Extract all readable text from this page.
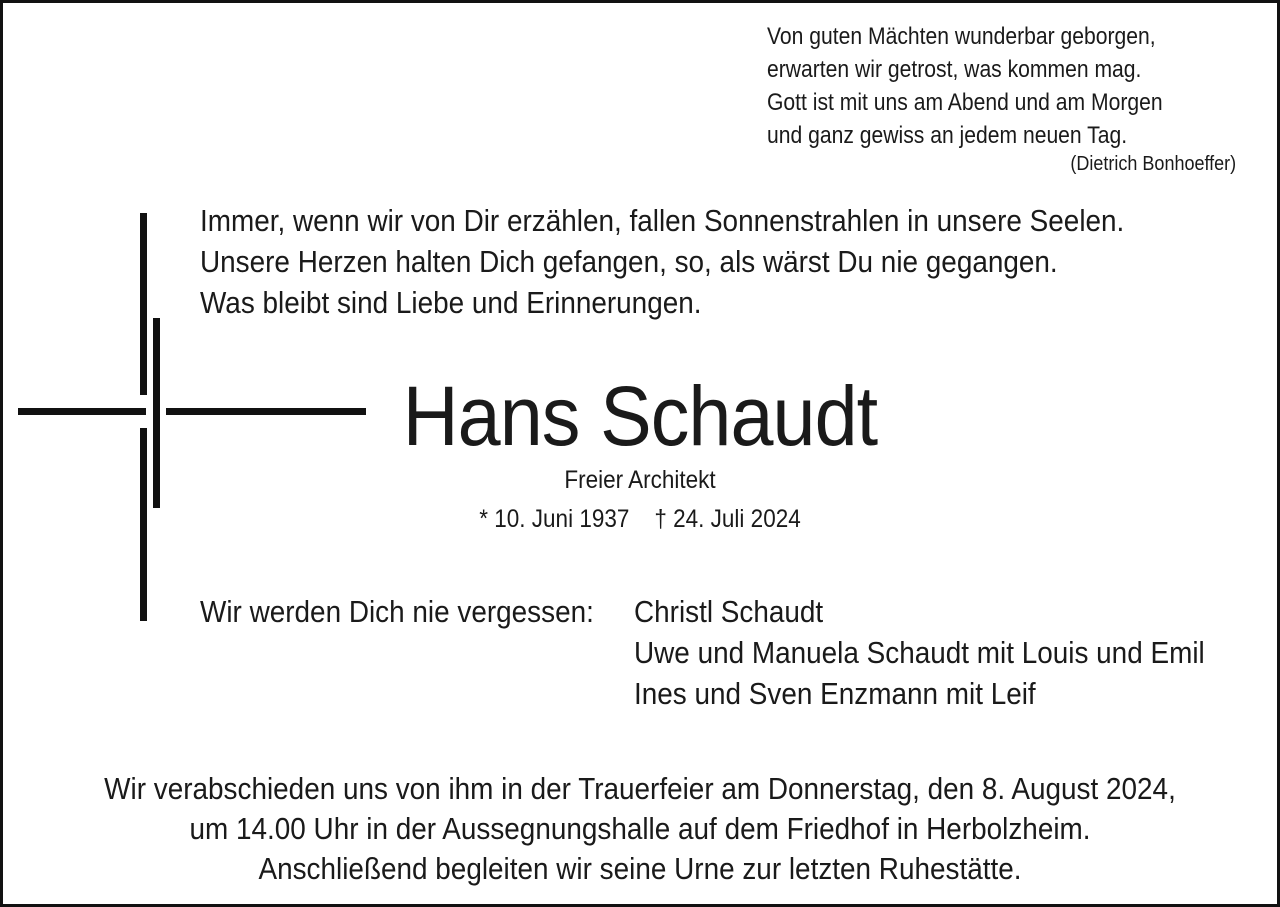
Von guten Mächten wunderbar geborgen,
erwarten wir getrost, was kommen mag.
Gott ist mit uns am Abend und am Morgen
und ganz gewiss an jedem neuen Tag.
(Dietrich Bonhoeffer)
Immer, wenn wir von Dir erzählen, fallen Sonnenstrahlen in unsere Seelen.
Unsere Herzen halten Dich gefangen, so, als wärst Du nie gegangen.
Was bleibt sind Liebe und Erinnerungen.
Hans Schaudt
Freier Architekt
* 10. Juni 1937    † 24. Juli 2024
Wir werden Dich nie vergessen: Christl Schaudt
Uwe und Manuela Schaudt mit Louis und Emil
Ines und Sven Enzmann mit Leif
Wir verabschieden uns von ihm in der Trauerfeier am Donnerstag, den 8. August 2024,
um 14.00 Uhr in der Aussegnungshalle auf dem Friedhof in Herbolzheim.
Anschließend begleiten wir seine Urne zur letzten Ruhestätte.
